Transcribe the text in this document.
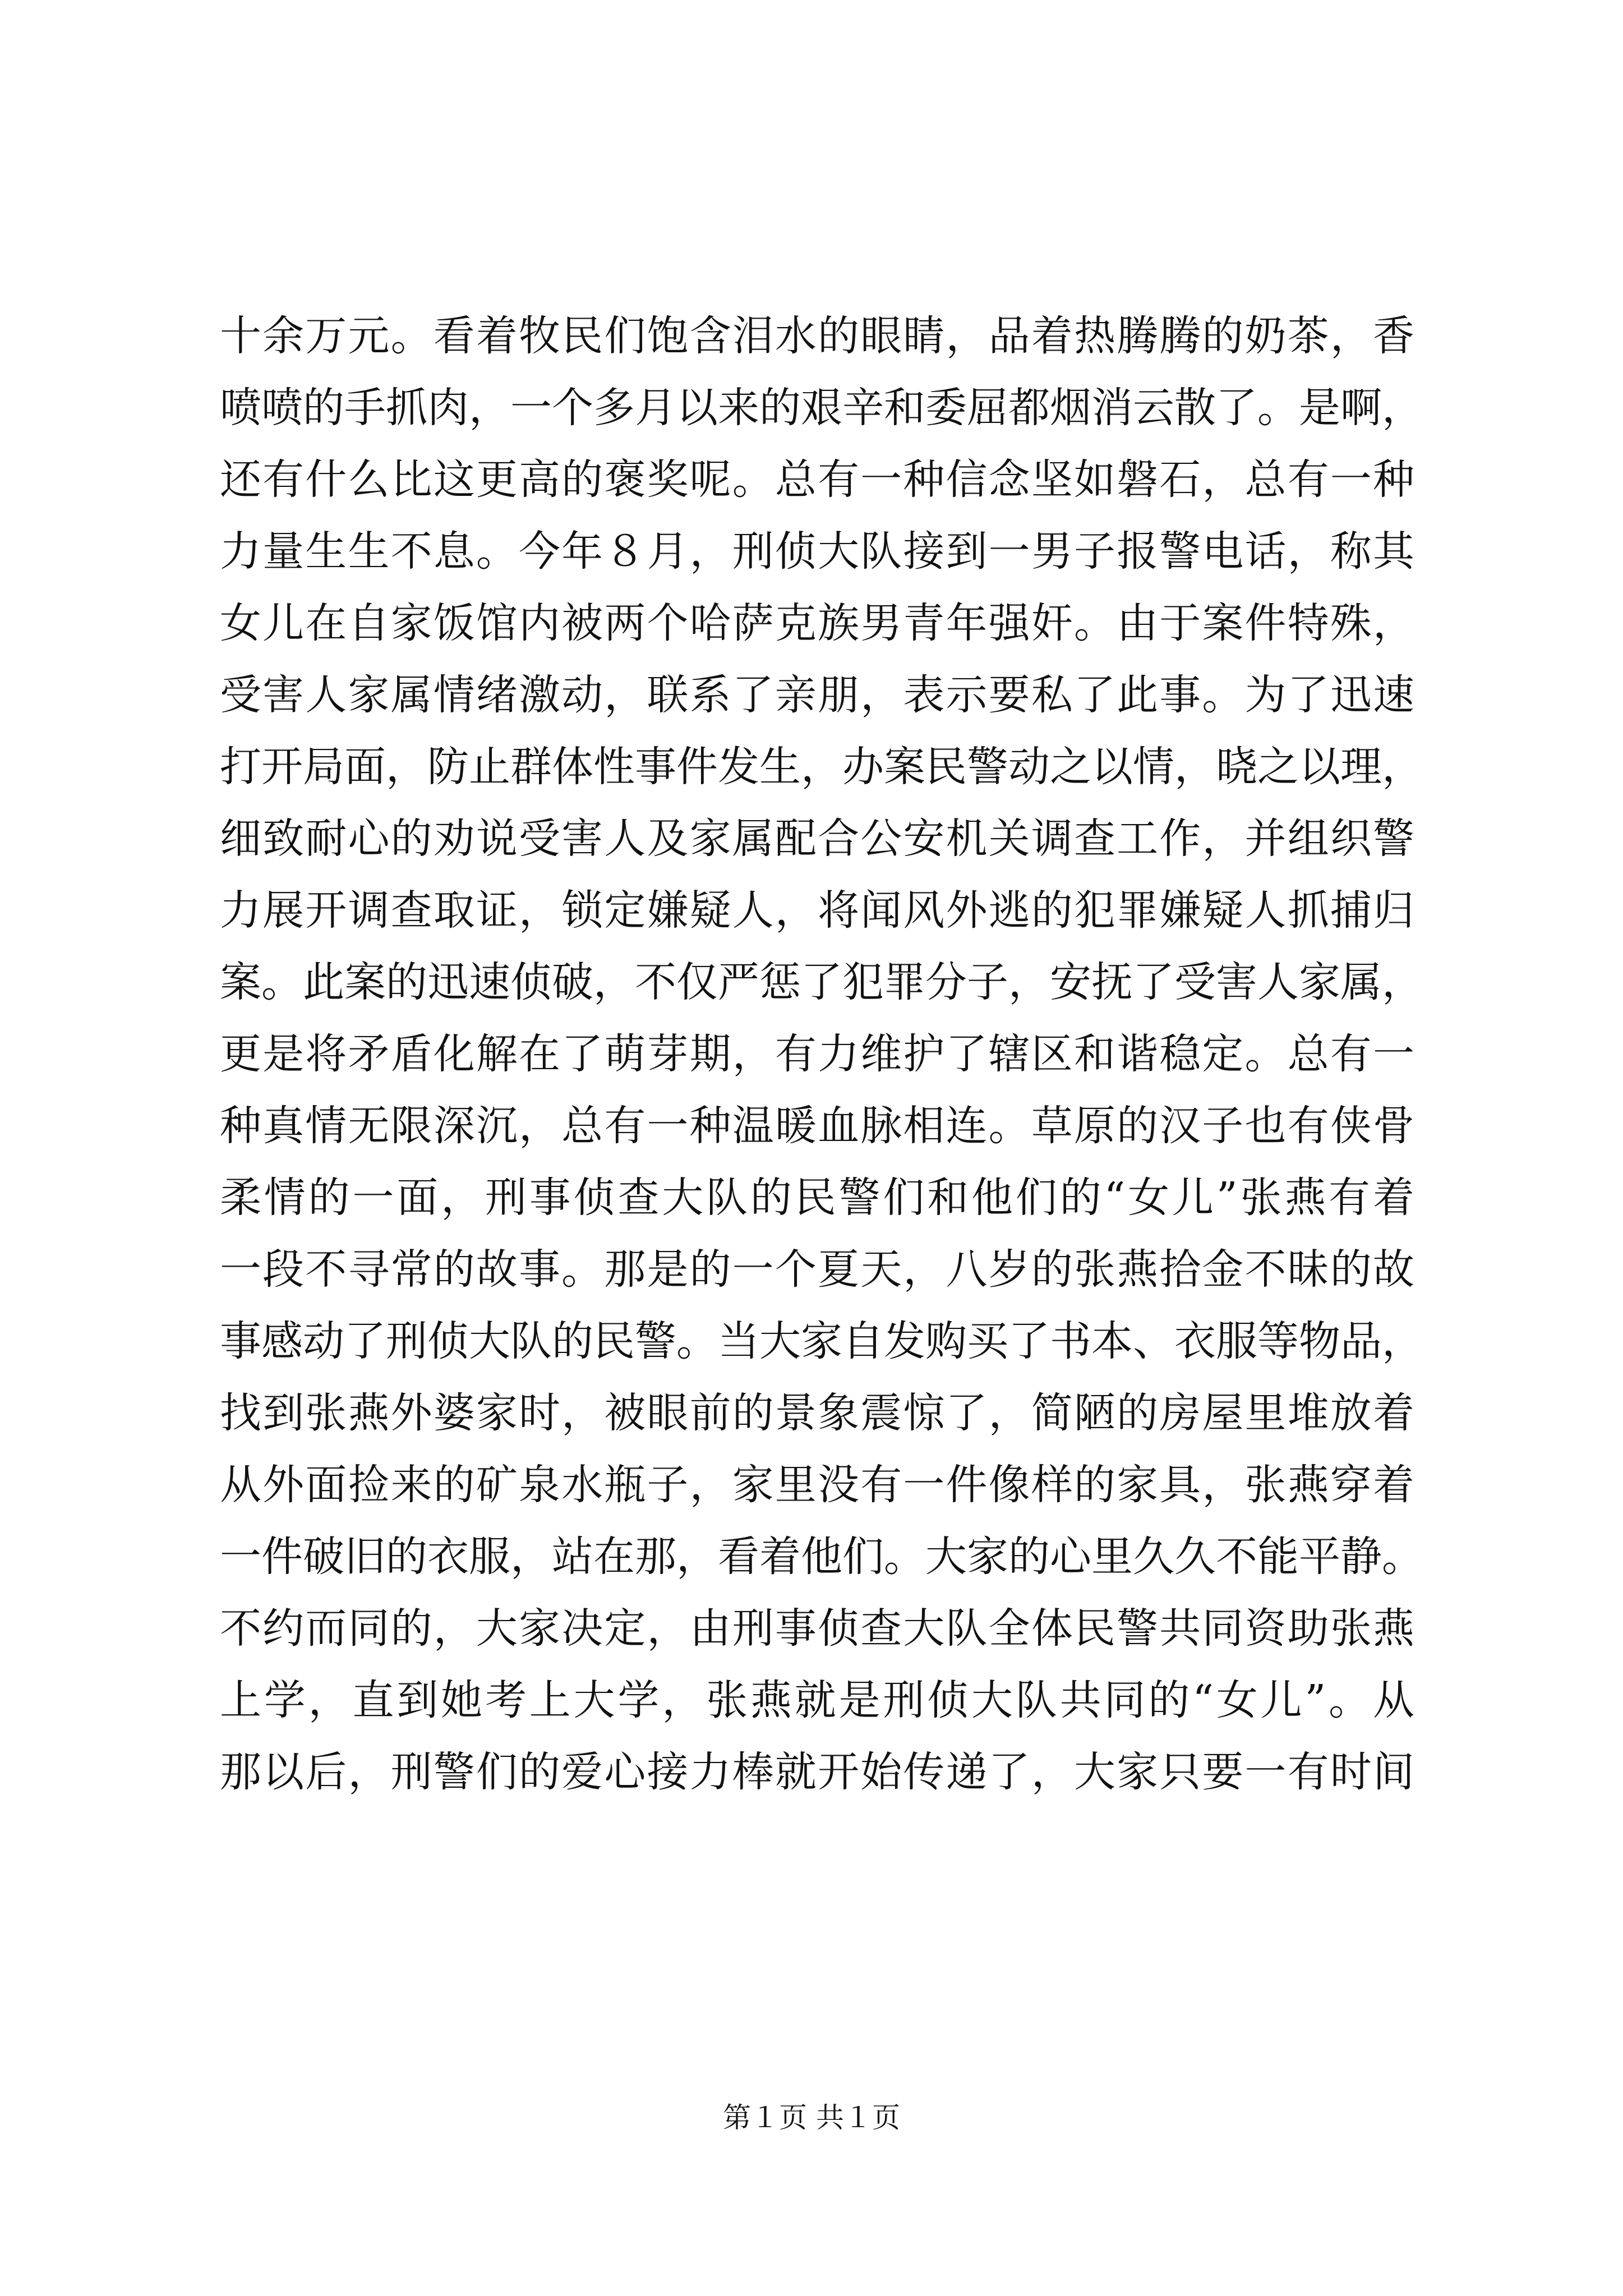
十余万元。看着牧民们饱含泪水的眼睛，品着热腾腾的奶茶，香
喷喷的手抓肉，一个多月以来的艰辛和委屈都烟消云散了。是啊，
还有什么比这更高的褒奖呢。总有一种信念坚如磐石，总有一种
力量生生不息。今年８月，刑侦大队接到一男子报警电话，称其
女儿在自家饭馆内被两个哈萨克族男青年强奸。由于案件特殊，
受害人家属情绪激动，联系了亲朋，表示要私了此事。为了迅速
打开局面，防止群体性事件发生，办案民警动之以情，晓之以理，
细致耐心的劝说受害人及家属配合公安机关调查工作，并组织警
力展开调查取证，锁定嫌疑人，将闻风外逃的犯罪嫌疑人抓捕归
案。此案的迅速侦破，不仅严惩了犯罪分子，安抚了受害人家属，
更是将矛盾化解在了萌芽期，有力维护了辖区和谐稳定。总有一
种真情无限深沉，总有一种温暖血脉相连。草原的汉子也有侠骨
柔情的一面，刑事侦查大队的民警们和他们的“女儿”张燕有着
一段不寻常的故事。那是的一个夏天，八岁的张燕拾金不昧的故
事感动了刑侦大队的民警。当大家自发购买了书本、衣服等物品，
找到张燕外婆家时，被眼前的景象震惊了，简陋的房屋里堆放着
从外面捡来的矿泉水瓶子，家里没有一件像样的家具，张燕穿着
一件破旧的衣服，站在那，看着他们。大家的心里久久不能平静。
不约而同的，大家决定，由刑事侦查大队全体民警共同资助张燕
上学，直到她考上大学，张燕就是刑侦大队共同的“女儿”。从
那以后，刑警们的爱心接力棒就开始传递了，大家只要一有时间
第１页 共１页
